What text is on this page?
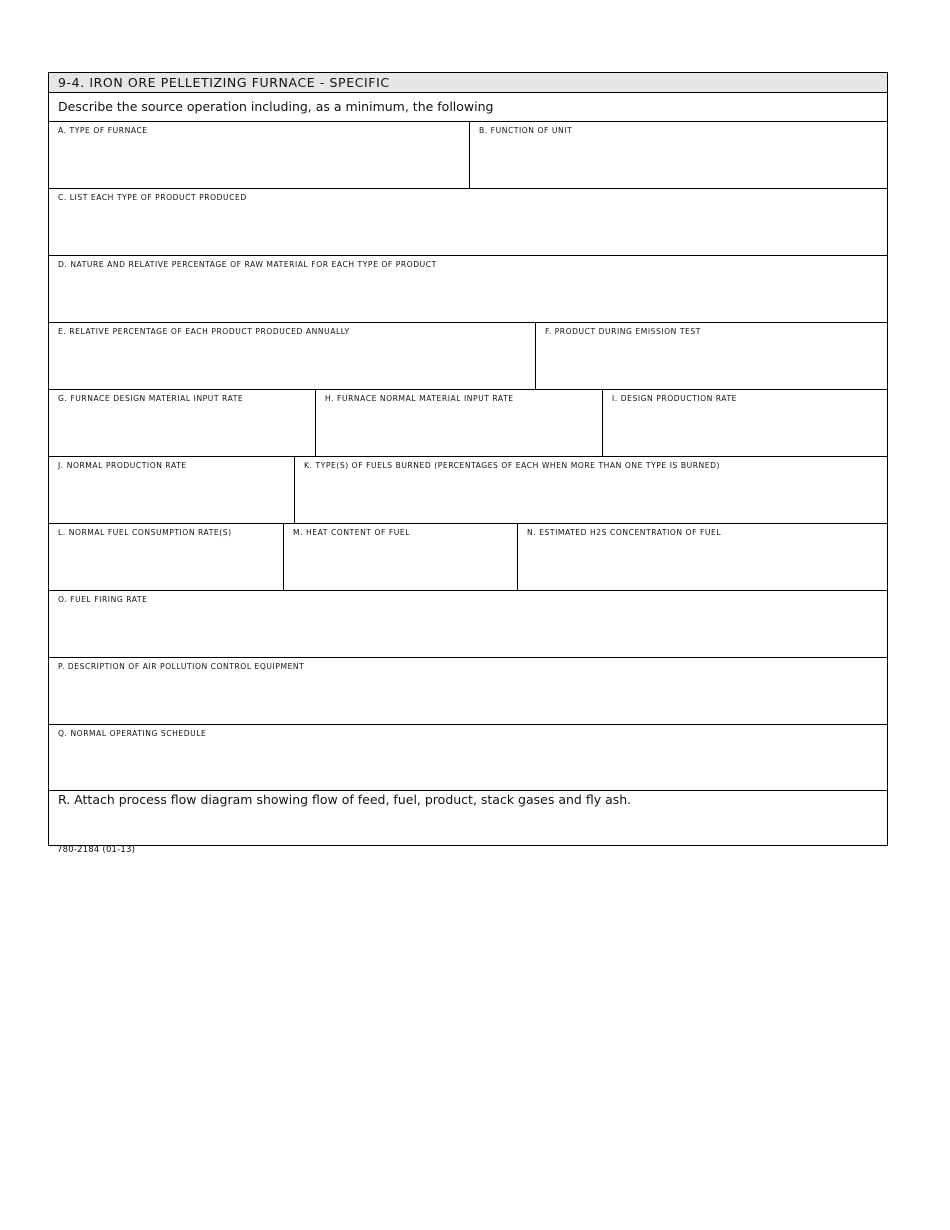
9-4. IRON ORE PELLETIZING FURNACE - SPECIFIC
Describe the source operation including, as a minimum, the following
A. TYPE OF FURNACE	B. FUNCTION OF UNIT
C. LIST EACH TYPE OF PRODUCT PRODUCED
D. NATURE AND RELATIVE PERCENTAGE OF RAW MATERIAL FOR EACH TYPE OF PRODUCT
E. RELATIVE PERCENTAGE OF EACH PRODUCT PRODUCED ANNUALLY	F. PRODUCT DURING EMISSION TEST
G. FURNACE DESIGN MATERIAL INPUT RATE	H. FURNACE NORMAL MATERIAL INPUT RATE	I. DESIGN PRODUCTION RATE
J. NORMAL PRODUCTION RATE	K. TYPE(S) OF FUELS BURNED (PERCENTAGES OF EACH WHEN MORE THAN ONE TYPE IS BURNED)
L. NORMAL FUEL CONSUMPTION RATE(S)	M. HEAT CONTENT OF FUEL	N. ESTIMATED H2S CONCENTRATION OF FUEL
O. FUEL FIRING RATE
P. DESCRIPTION OF AIR POLLUTION CONTROL EQUIPMENT
Q. NORMAL OPERATING SCHEDULE
R. Attach process flow diagram showing flow of feed, fuel, product, stack gases and fly ash.
780-2184 (01-13)
